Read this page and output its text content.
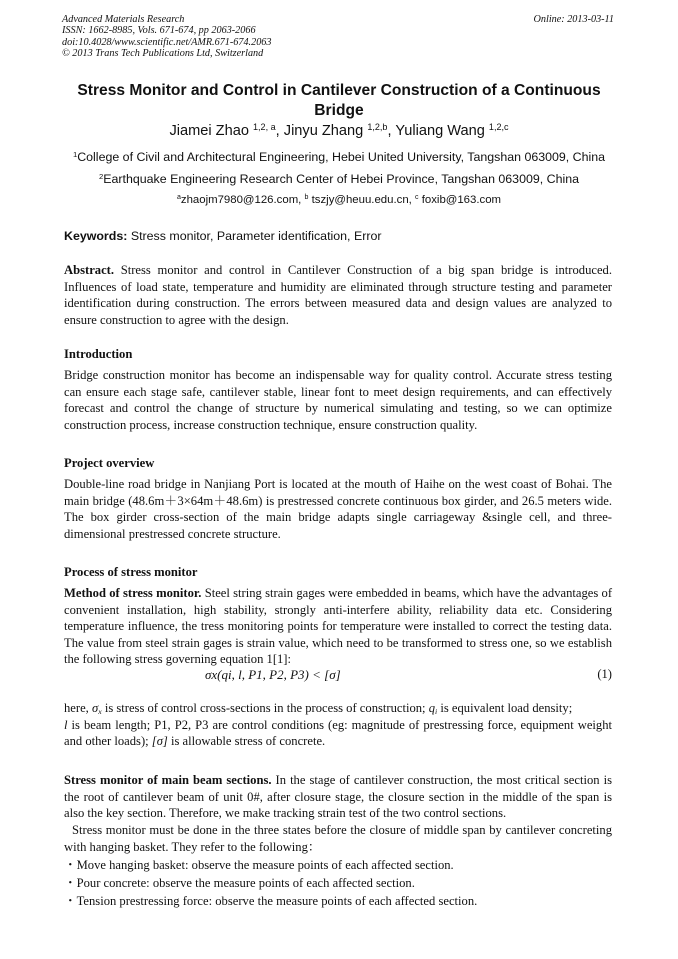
Advanced Materials Research
ISSN: 1662-8985, Vols. 671-674, pp 2063-2066
doi:10.4028/www.scientific.net/AMR.671-674.2063
© 2013 Trans Tech Publications Ltd, Switzerland
Online: 2013-03-11
Stress Monitor and Control in Cantilever Construction of a Continuous
Bridge
Jiamei Zhao $^{1,2, a}$, Jinyu Zhang $^{1,2,b}$, Yuliang Wang $^{1,2,c}$
$^1$College of Civil and Architectural Engineering, Hebei United University, Tangshan 063009, China
$^2$Earthquake Engineering Research Center of Hebei Province, Tangshan 063009, China
$^a$zhaojm7980@126.com, $^b$ tszjy@heuu.edu.cn, $^c$ foxib@163.com
Keywords: Stress monitor, Parameter identification, Error
Abstract. Stress monitor and control in Cantilever Construction of a big span bridge is introduced. Influences of load state, temperature and humidity are eliminated through structure testing and parameter identification during construction. The errors between measured data and design values are analyzed to ensure construction to agree with the design.
Introduction
Bridge construction monitor has become an indispensable way for quality control. Accurate stress testing can ensure each stage safe, cantilever stable, linear font to meet design requirements, and can effectively forecast and control the change of structure by numerical simulating and testing, so we can optimize construction process, increase construction technique, ensure construction quality.
Project overview
Double-line road bridge in Nanjiang Port is located at the mouth of Haihe on the west coast of Bohai. The main bridge (48.6m＋3×64m＋48.6m) is prestressed concrete continuous box girder, and 26.5 meters wide. The box girder cross-section of the main bridge adapts single carriageway &single cell, and three-dimensional prestressed concrete structure.
Process of stress monitor
Method of stress monitor. Steel string strain gages were embedded in beams, which have the advantages of convenient installation, high stability, strongly anti-interfere ability, reliability data etc. Considering temperature influence, the tress monitoring points for temperature were installed to correct the testing data. The value from steel strain gages is strain value, which need to be transformed to stress one, so we establish the following stress governing equation 1[1]:
σx(qi, l, P1, P2, P3) < [σ]	(1)
here, $\sigma_x$ is stress of control cross-sections in the process of construction; $q_i$ is equivalent load density;
l is beam length; P1, P2, P3 are control conditions (eg: magnitude of prestressing force, equipment weight and other loads); [σ] is allowable stress of concrete.
Stress monitor of main beam sections. In the stage of cantilever construction, the most critical section is the root of cantilever beam of unit 0#, after closure stage, the closure section in the middle of the span is also the key section. Therefore, we make tracking strain test of the two control sections.
Stress monitor must be done in the three states before the closure of middle span by cantilever concreting with hanging basket. They refer to the following：
・Move hanging basket: observe the measure points of each affected section.
・Pour concrete: observe the measure points of each affected section.
・Tension prestressing force: observe the measure points of each affected section.
